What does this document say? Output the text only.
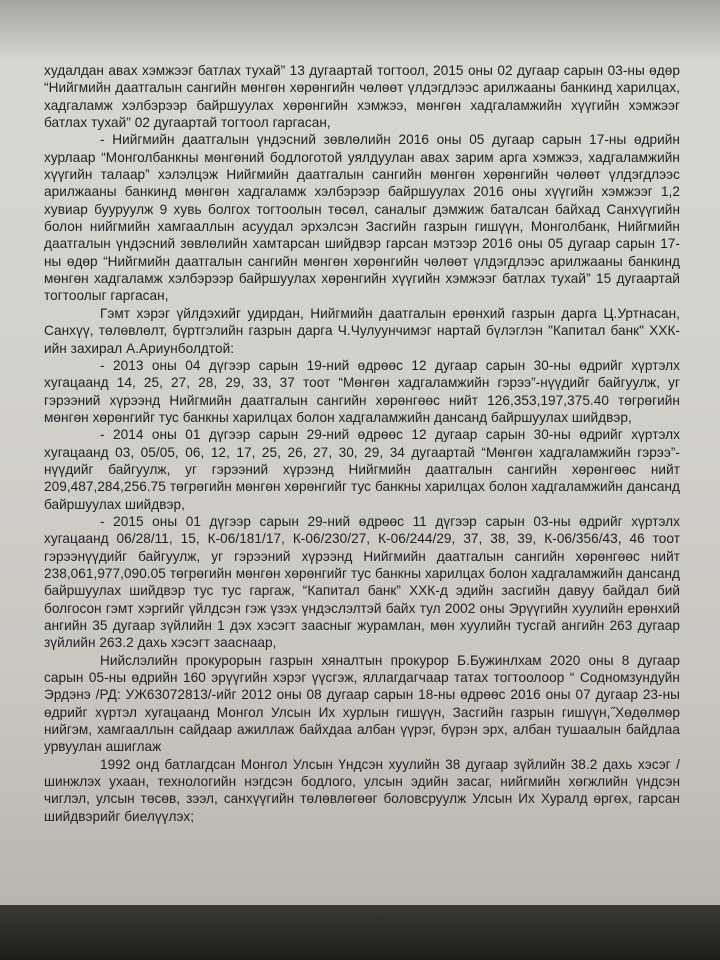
худалдан авах хэмжээг батлах тухай” 13 дугаартай тогтоол, 2015 оны 02 дугаар сарын 03-ны өдөр “Нийгмийн даатгалын сангийн мөнгөн хөрөнгийн чөлөөт үлдэгдлээс арилжааны банкинд харилцах, хадгаламж хэлбэрээр байршуулах хөрөнгийн хэмжээ, мөнгөн хадгаламжийн хүүгийн хэмжээг батлах тухай” 02 дугаартай тогтоол гаргасан,

- Нийгмийн даатгалын үндэсний зөвлөлийн 2016 оны 05 дугаар сарын 17-ны өдрийн хурлаар “Монголбанкны мөнгөний бодлоготой уялдуулан авах зарим арга хэмжээ, хадгаламжийн хүүгийн талаар” хэлэлцэж Нийгмийн даатгалын сангийн мөнгөн хөрөнгийн чөлөөт үлдэгдлээс арилжааны банкинд мөнгөн хадгаламж хэлбэрээр байршуулах 2016 оны хүүгийн хэмжээг 1,2 хувиар бууруулж 9 хувь болгох тогтоолын төсөл, саналыг дэмжиж баталсан байхад Санхүүгийн болон нийгмийн хамгааллын асуудал эрхэлсэн Засгийн газрын гишүүн, Монголбанк, Нийгмийн даатгалын үндэсний зөвлөлийн хамтарсан шийдвэр гарсан мэтээр 2016 оны 05 дугаар сарын 17-ны өдөр “Нийгмийн даатгалын сангийн мөнгөн хөрөнгийн чөлөөт үлдэгдлээс арилжааны банкинд мөнгөн хадгаламж хэлбэрээр байршуулах хөрөнгийн хүүгийн хэмжээг батлах тухай” 15 дугаартай тогтоолыг гаргасан,

Гэмт хэрэг үйлдэхийг удирдан, Нийгмийн даатгалын ерөнхий газрын дарга Ц.Уртнасан, Санхүү, төлөвлөлт, бүртгэлийн газрын дарга Ч.Чулуунчимэг нартай бүлэглэн "Капитал банк" ХХК-ийн захирал А.Ариунболдтой:

- 2013 оны 04 дүгээр сарын 19-ний өдрөөс 12 дугаар сарын 30-ны өдрийг хүртэлх хугацаанд 14, 25, 27, 28, 29, 33, 37 тоот “Мөнгөн хадгаламжийн гэрээ”-нүүдийг байгуулж, уг гэрээний хүрээнд Нийгмийн даатгалын сангийн хөрөнгөөс нийт 126,353,197,375.40 төгрөгийн мөнгөн хөрөнгийг тус банкны харилцах болон хадгаламжийн дансанд байршуулах шийдвэр,

- 2014 оны 01 дүгээр сарын 29-ний өдрөөс 12 дугаар сарын 30-ны өдрийг хүртэлх хугацаанд 03, 05/05, 06, 12, 17, 25, 26, 27, 30, 29, 34 дугаартай “Мөнгөн хадгаламжийн гэрээ”-нүүдийг байгуулж, уг гэрээний хүрээнд Нийгмийн даатгалын сангийн хөрөнгөөс нийт 209,487,284,256.75 төгрөгийн мөнгөн хөрөнгийг тус банкны харилцах болон хадгаламжийн дансанд байршуулах шийдвэр,

- 2015 оны 01 дүгээр сарын 29-ний өдрөөс 11 дүгээр сарын 03-ны өдрийг хүртэлх хугацаанд 06/28/11, 15, К-06/181/17, К-06/230/27, К-06/244/29, 37, 38, 39, К-06/356/43, 46 тоот гэрээнүүдийг байгуулж, уг гэрээний хүрээнд Нийгмийн даатгалын сангийн хөрөнгөөс нийт 238,061,977,090.05 төгрөгийн мөнгөн хөрөнгийг тус банкны харилцах болон хадгаламжийн дансанд байршуулах шийдвэр тус тус гаргаж, “Капитал банк” ХХК-д эдийн засгийн давуу байдал бий болгосон гэмт хэргийг үйлдсэн гэж үзэх үндэслэлтэй байх тул 2002 оны Эрүүгийн хуулийн ерөнхий ангийн 35 дугаар зүйлийн 1 дэх хэсэгт заасныг журамлан, мөн хуулийн тусгай ангийн 263 дугаар зүйлийн 263.2 дахь хэсэгт зааснаар,

Нийслэлийн прокурорын газрын хяналтын прокурор Б.Бужинлхам 2020 оны 8 дугаар сарын 05-ны өдрийн 160 эрүүгийн хэрэг үүсгэж, яллагдагчаар татах тогтоолоор “ Содномзундуйн Эрдэнэ /РД: УЖ63072813/-ийг 2012 оны 08 дугаар сарын 18-ны өдрөөс 2016 оны 07 дугаар 23-ны өдрийг хүртэл хугацаанд Монгол Улсын Их хурлын гишүүн, Засгийн газрын гишүүн,˝Хөдөлмөр нийгэм, хамгааллын сайдаар ажиллаж байхдаа албан үүрэг, бүрэн эрх, албан тушаалын байдлаа урвуулан ашиглаж

1992 онд батлагдсан Монгол Улсын Үндсэн хуулийн 38 дугаар зүйлийн 38.2 дахь хэсэг /шинжлэх ухаан, технологийн нэгдсэн бодлого, улсын эдийн засаг, нийгмийн хөгжлийн үндсэн чиглэл, улсын төсөв, зээл, санхүүгийн төлөвлөгөөг боловсруулж Улсын Их Хуралд өргөх, гарсан шийдвэрийг биелүүлэх;
